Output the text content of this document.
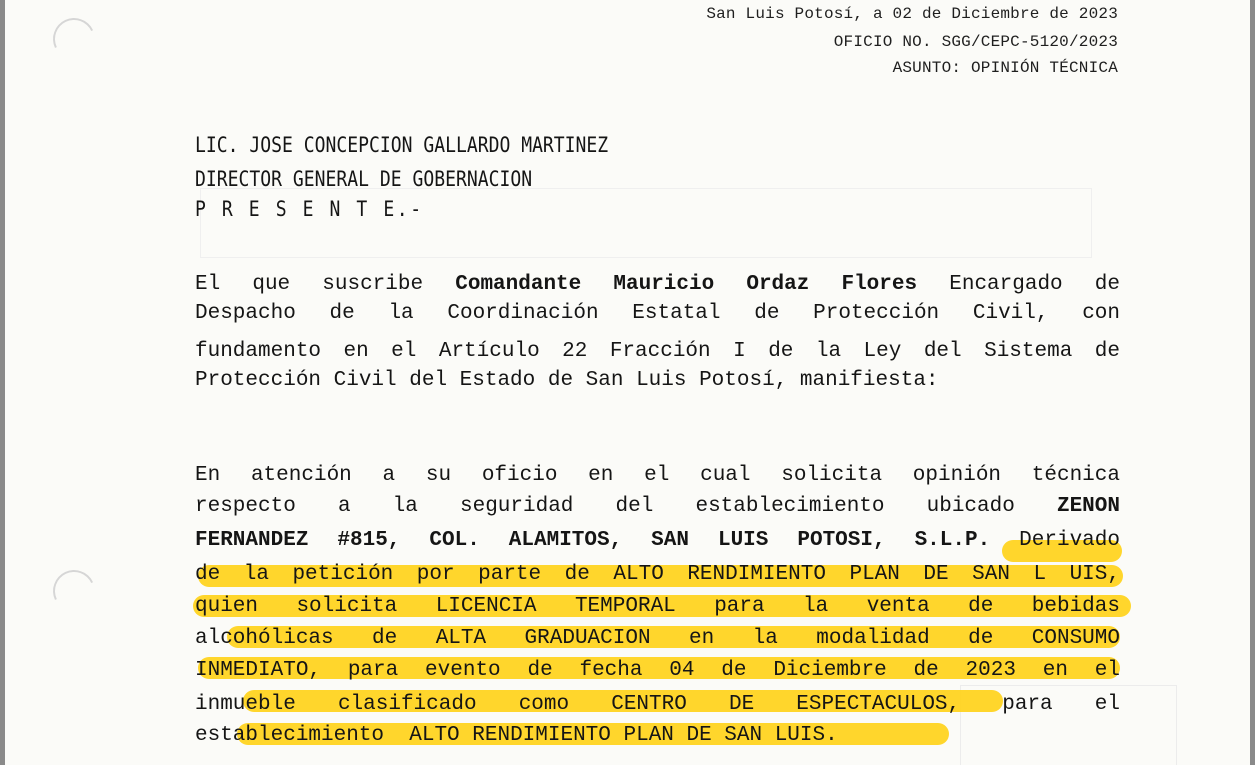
San Luis Potosí, a 02 de Diciembre de 2023
OFICIO NO. SGG/CEPC-5120/2023
ASUNTO: OPINIÓN TÉCNICA
LIC. JOSE CONCEPCION GALLARDO MARTINEZ
DIRECTOR GENERAL DE GOBERNACION
P R E S E N T E.-
El que suscribe Comandante Mauricio Ordaz Flores Encargado de
Despacho de la Coordinación Estatal de Protección Civil, con
fundamento en el Artículo 22 Fracción I de la Ley del Sistema de
Protección Civil del Estado de San Luis Potosí, manifiesta:
En atención a su oficio en el cual solicita opinión técnica
respecto a la seguridad del establecimiento ubicado ZENON
FERNANDEZ #815, COL. ALAMITOS, SAN LUIS POTOSI, S.L.P. Derivado
de la petición por parte de ALTO RENDIMIENTO PLAN DE SAN L UIS,
quien solicita LICENCIA TEMPORAL para la venta de bebidas
alcohólicas de ALTA GRADUACION en la modalidad de CONSUMO
INMEDIATO, para evento de fecha 04 de Diciembre de 2023 en el
inmueble clasificado como CENTRO DE ESPECTACULOS, para el
establecimiento ALTO RENDIMIENTO PLAN DE SAN LUIS.
